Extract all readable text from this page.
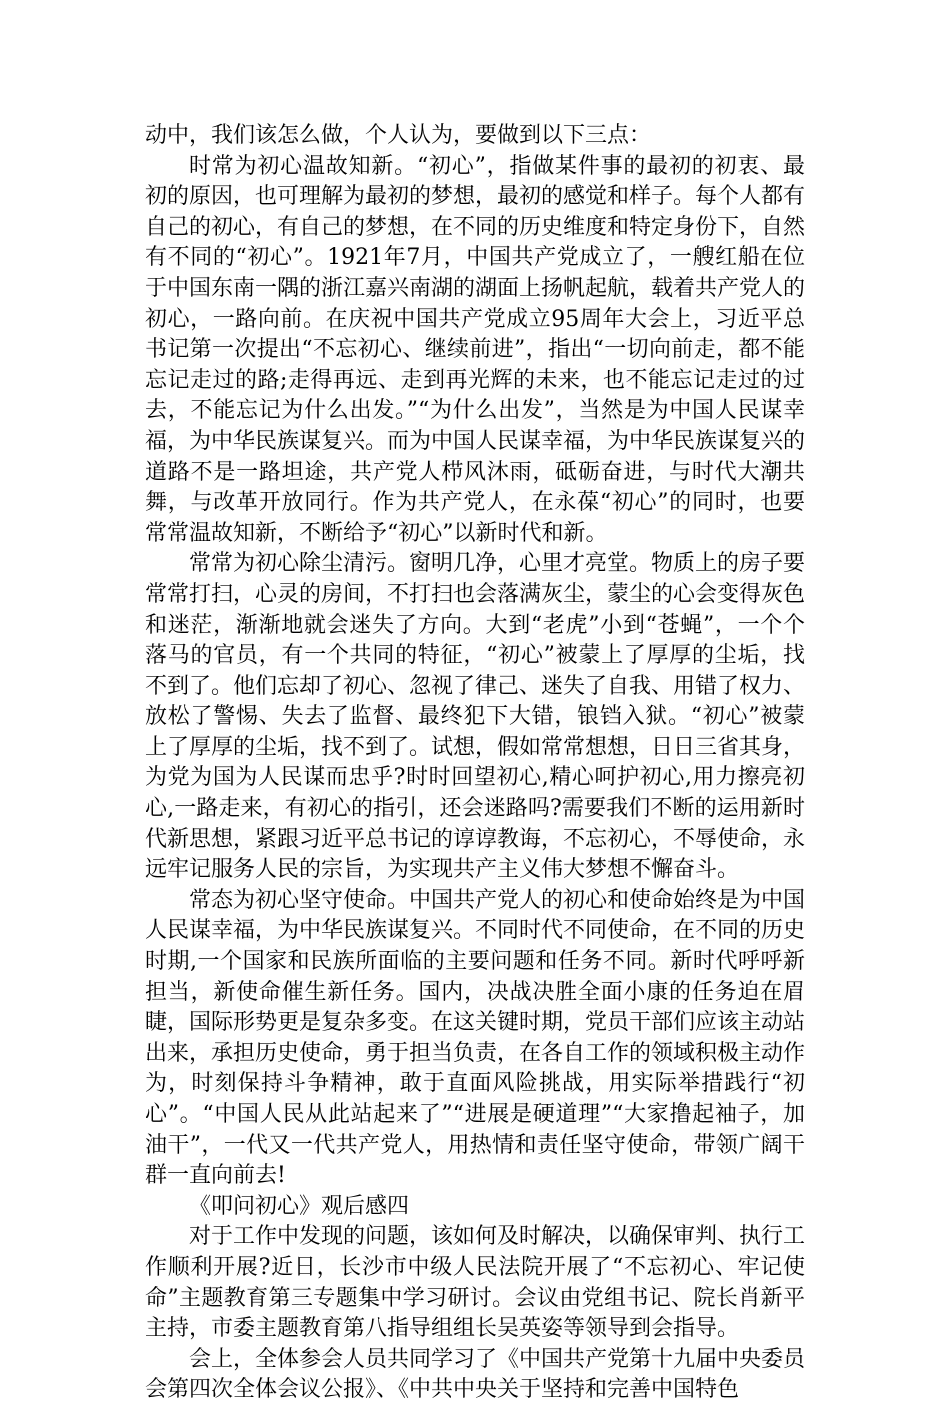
动中，我们该怎么做，个人认为，要做到以下三点：

时常为初心温故知新。“初心”，指做某件事的最初的初衷、最初的原因，也可理解为最初的梦想，最初的感觉和样子。每个人都有自己的初心，有自己的梦想，在不同的历史维度和特定身份下，自然有不同的“初心”。1921年7月，中国共产党成立了，一艘红船在位于中国东南一隅的浙江嘉兴南湖的湖面上扬帆起航，载着共产党人的初心，一路向前。在庆祝中国共产党成立95周年大会上，习近平总书记第一次提出“不忘初心、继续前进”，指出“一切向前走，都不能忘记走过的路;走得再远、走到再光辉的未来，也不能忘记走过的过去，不能忘记为什么出发。”“为什么出发”，当然是为中国人民谋幸福，为中华民族谋复兴。而为中国人民谋幸福，为中华民族谋复兴的道路不是一路坦途，共产党人栉风沐雨，砥砺奋进，与时代大潮共舞，与改革开放同行。作为共产党人，在永葆“初心”的同时，也要常常温故知新，不断给予“初心”以新时代和新。

常常为初心除尘清污。窗明几净，心里才亮堂。物质上的房子要常常打扫，心灵的房间，不打扫也会落满灰尘，蒙尘的心会变得灰色和迷茫，渐渐地就会迷失了方向。大到“老虎”小到“苍蝇”，一个个落马的官员，有一个共同的特征，“初心”被蒙上了厚厚的尘垢，找不到了。他们忘却了初心、忽视了律己、迷失了自我、用错了权力、放松了警惕、失去了监督、最终犯下大错，锒铛入狱。“初心”被蒙上了厚厚的尘垢，找不到了。试想，假如常常想想，日日三省其身，为党为国为人民谋而忠乎?时时回望初心,精心呵护初心,用力擦亮初心,一路走来，有初心的指引，还会迷路吗?需要我们不断的运用新时代新思想，紧跟习近平总书记的谆谆教诲，不忘初心，不辱使命，永远牢记服务人民的宗旨，为实现共产主义伟大梦想不懈奋斗。

常态为初心坚守使命。中国共产党人的初心和使命始终是为中国人民谋幸福，为中华民族谋复兴。不同时代不同使命，在不同的历史时期,一个国家和民族所面临的主要问题和任务不同。新时代呼呼新担当，新使命催生新任务。国内，决战决胜全面小康的任务迫在眉睫，国际形势更是复杂多变。在这关键时期，党员干部们应该主动站出来，承担历史使命，勇于担当负责，在各自工作的领域积极主动作为，时刻保持斗争精神，敢于直面风险挑战，用实际举措践行“初心”。“中国人民从此站起来了”“进展是硬道理”“大家撸起袖子，加油干”，一代又一代共产党人，用热情和责任坚守使命，带领广阔干群一直向前去!

《叩问初心》观后感四

对于工作中发现的问题，该如何及时解决，以确保审判、执行工作顺利开展?近日，长沙市中级人民法院开展了“不忘初心、牢记使命”主题教育第三专题集中学习研讨。会议由党组书记、院长肖新平主持，市委主题教育第八指导组组长吴英姿等领导到会指导。

会上，全体参会人员共同学习了《中国共产党第十九届中央委员会第四次全体会议公报》、《中共中央关于坚持和完善中国特色
